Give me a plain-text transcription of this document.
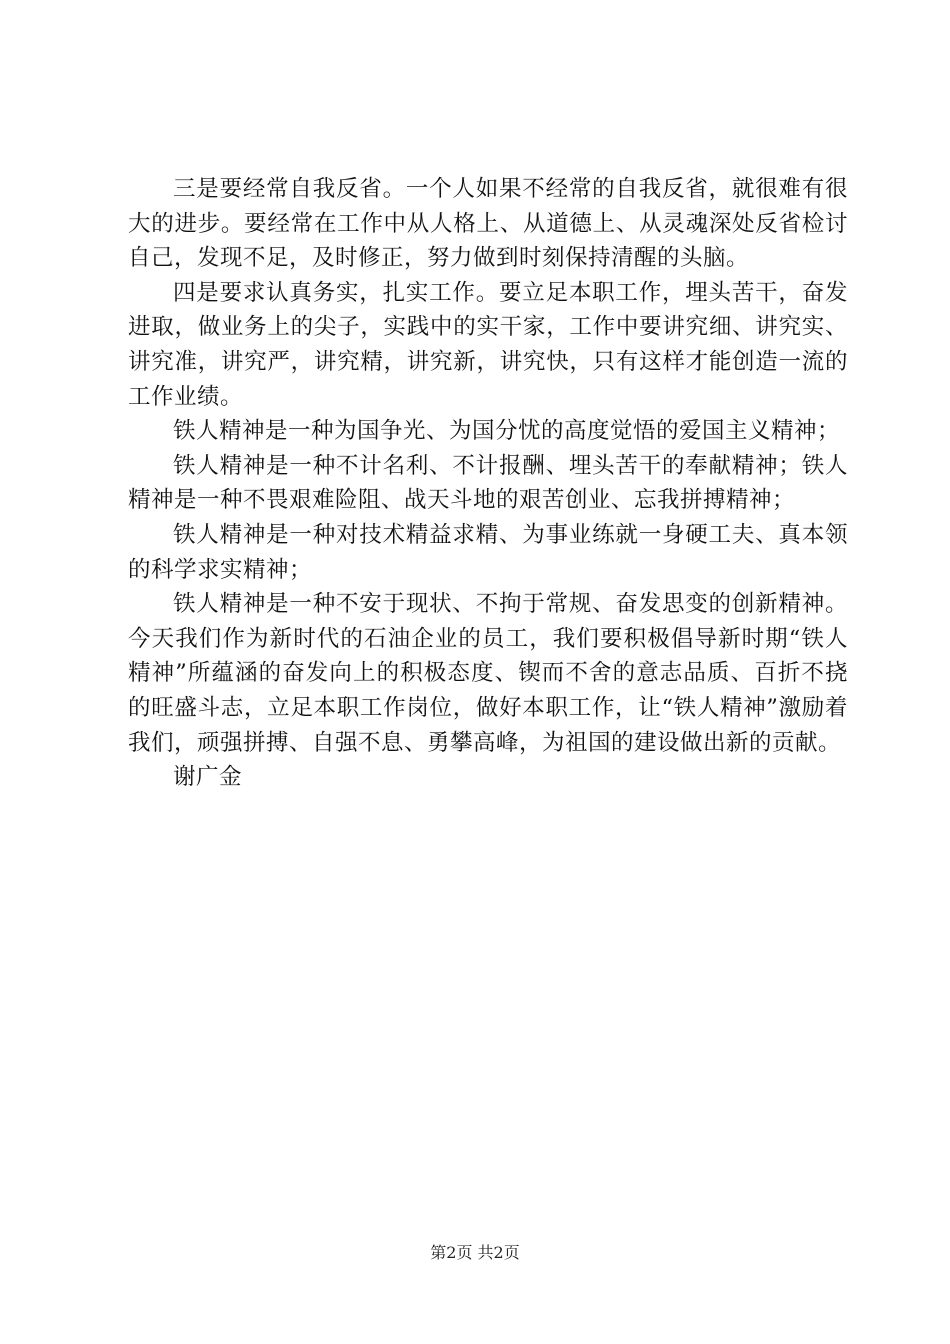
三是要经常自我反省。一个人如果不经常的自我反省，就很难有很大的进步。要经常在工作中从人格上、从道德上、从灵魂深处反省检讨自己，发现不足，及时修正，努力做到时刻保持清醒的头脑。

四是要求认真务实，扎实工作。要立足本职工作，埋头苦干，奋发进取，做业务上的尖子，实践中的实干家，工作中要讲究细、讲究实、讲究准，讲究严，讲究精，讲究新，讲究快，只有这样才能创造一流的工作业绩。

铁人精神是一种为国争光、为国分忧的高度觉悟的爱国主义精神；

铁人精神是一种不计名利、不计报酬、埋头苦干的奉献精神；铁人精神是一种不畏艰难险阻、战天斗地的艰苦创业、忘我拼搏精神；

铁人精神是一种对技术精益求精、为事业练就一身硬工夫、真本领的科学求实精神；

铁人精神是一种不安于现状、不拘于常规、奋发思变的创新精神。今天我们作为新时代的石油企业的员工，我们要积极倡导新时期“铁人精神”所蕴涵的奋发向上的积极态度、锲而不舍的意志品质、百折不挠的旺盛斗志，立足本职工作岗位，做好本职工作，让“铁人精神”激励着我们，顽强拼搏、自强不息、勇攀高峰，为祖国的建设做出新的贡献。

谢广金

第2页 共2页
